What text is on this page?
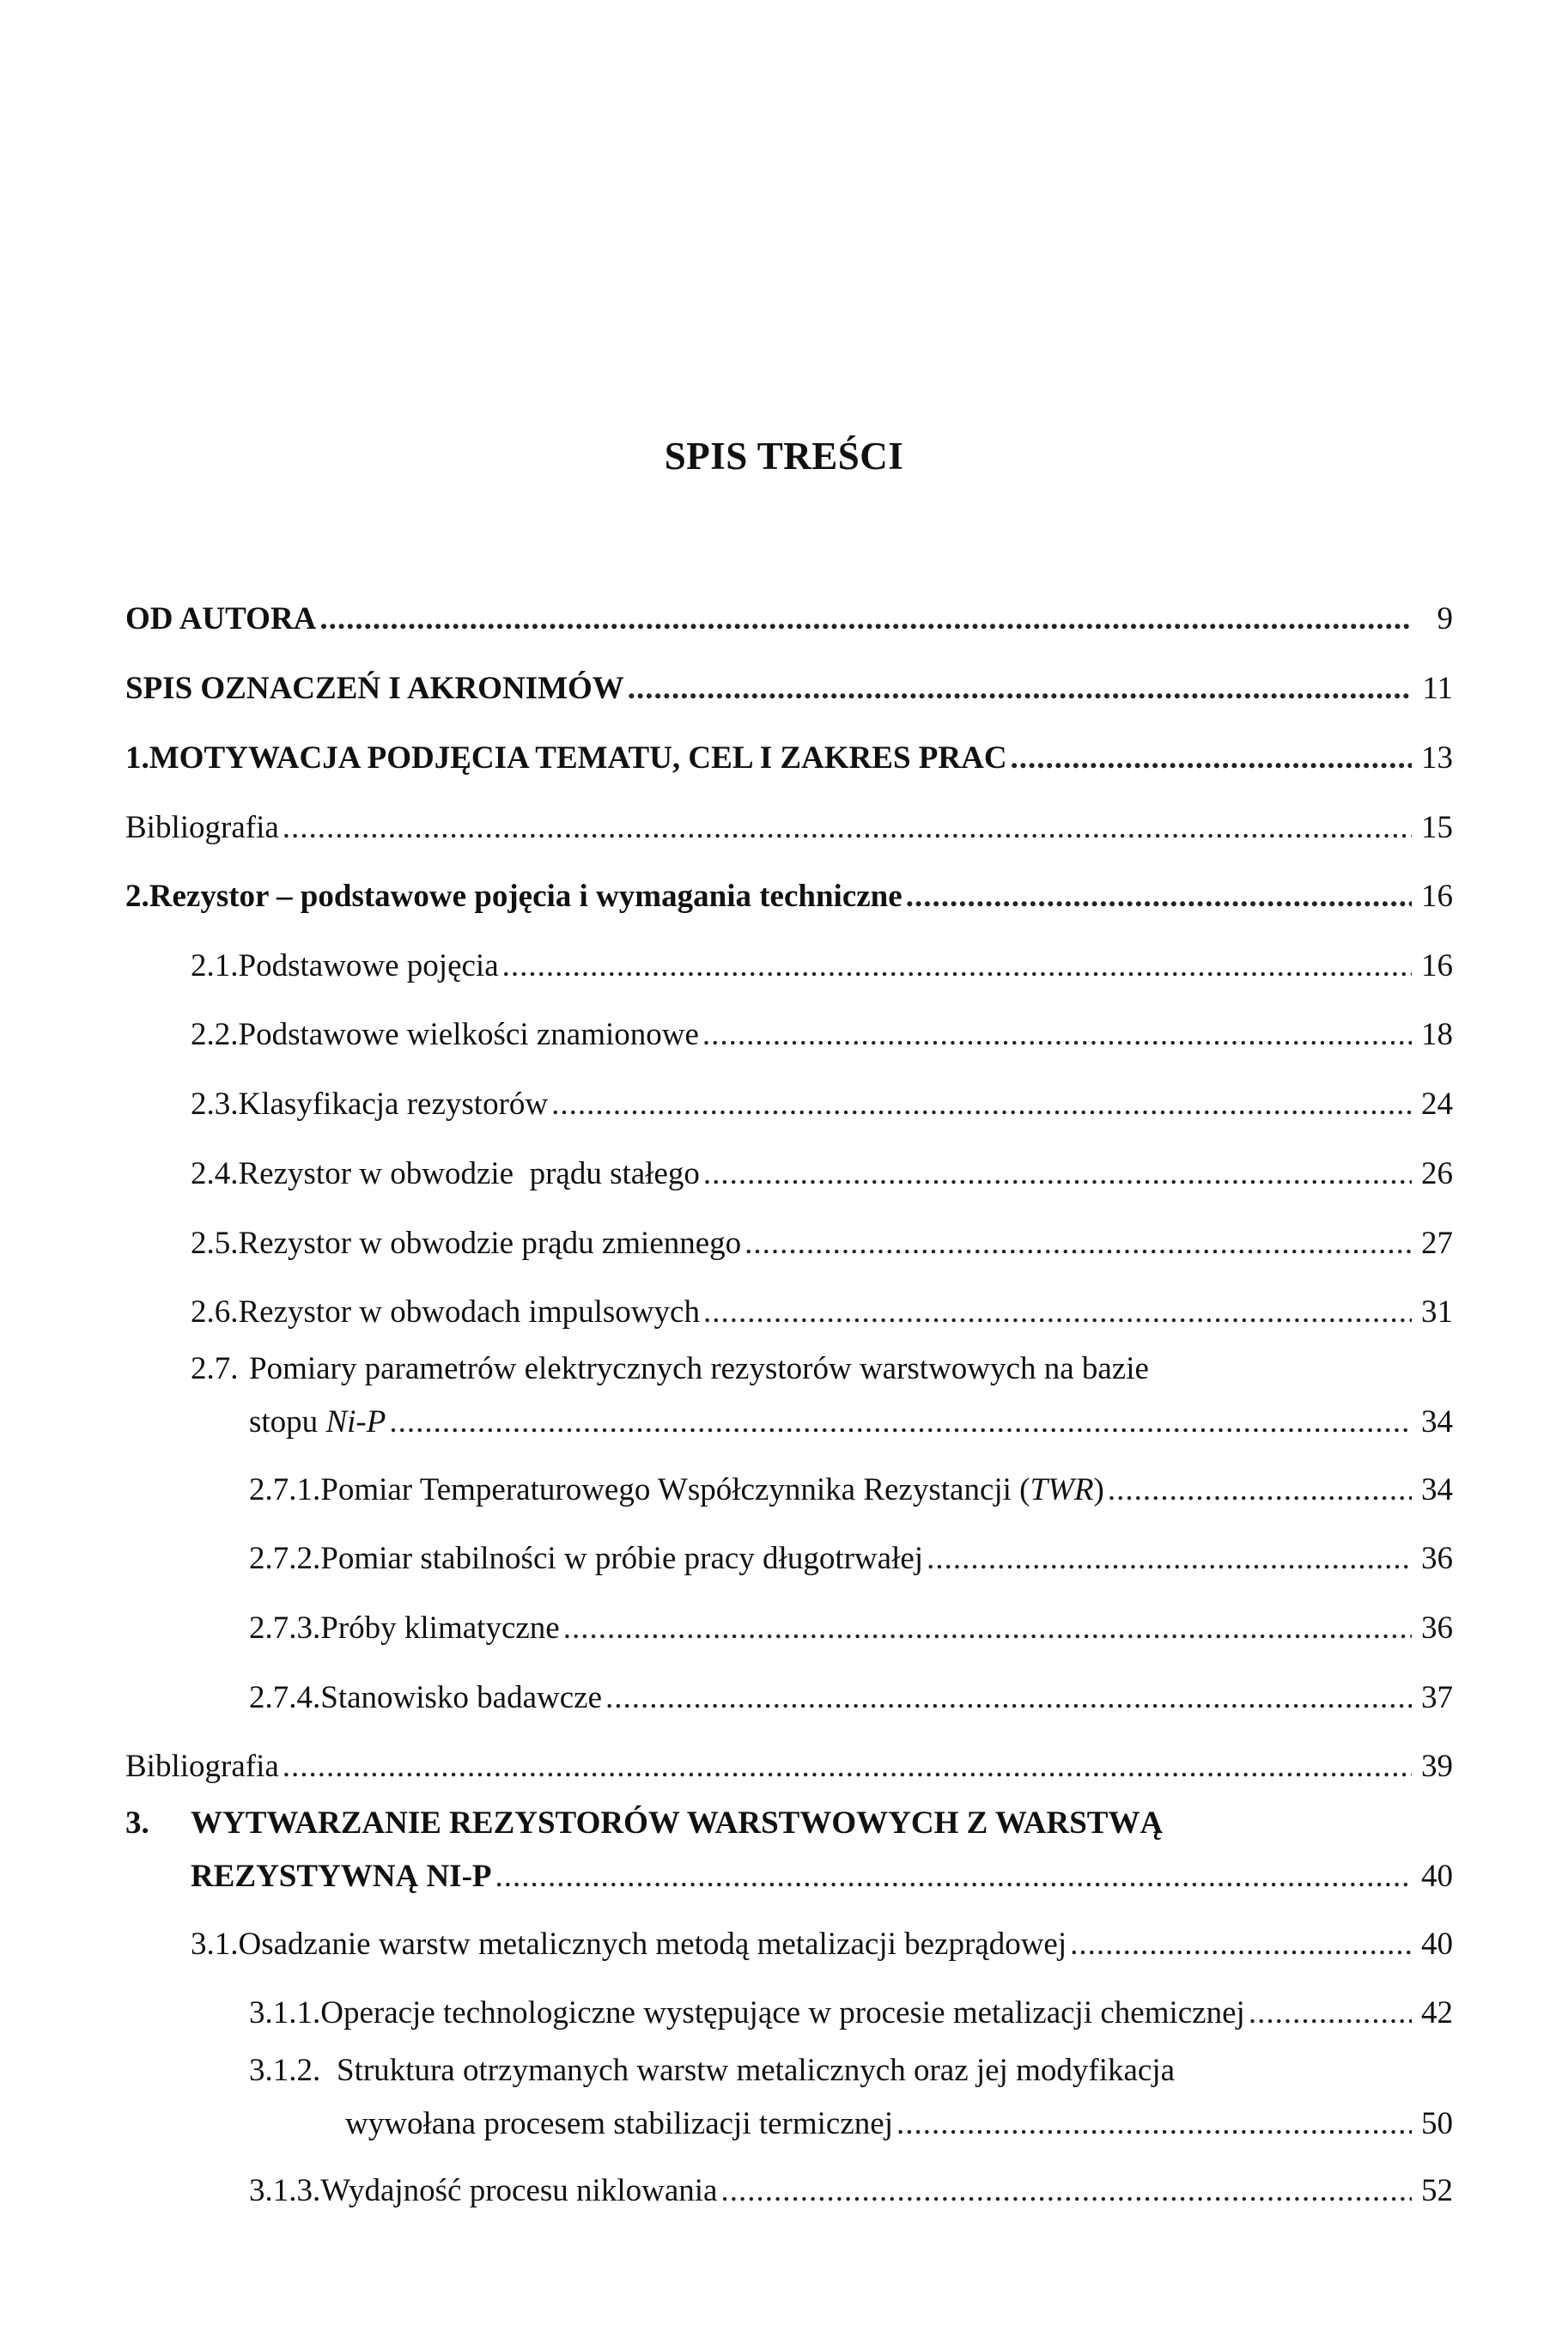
SPIS TREŚCI
OD AUTORA .....	9
SPIS OZNACZEŃ I AKRONIMÓW .....	11
1. MOTYWACJA PODJĘCIA TEMATU, CEL I ZAKRES PRAC .....	13
Bibliografia .....	15
2. Rezystor – podstawowe pojęcia i wymagania techniczne .....	16
2.1. Podstawowe pojęcia .....	16
2.2. Podstawowe wielkości znamionowe .....	18
2.3. Klasyfikacja rezystorów .....	24
2.4. Rezystor w obwodzie  prądu stałego .....	26
2.5. Rezystor w obwodzie prądu zmiennego .....	27
2.6. Rezystor w obwodach impulsowych .....	31
2.7. Pomiary parametrów elektrycznych rezystorów warstwowych na bazie
stopu Ni-P .....	34
2.7.1. Pomiar Temperaturowego Współczynnika Rezystancji (TWR) .....	34
2.7.2. Pomiar stabilności w próbie pracy długotrwałej .....	36
2.7.3. Próby klimatyczne .....	36
2.7.4. Stanowisko badawcze .....	37
Bibliografia .....	39
3.	WYTWARZANIE REZYSTORÓW WARSTWOWYCH Z WARSTWĄ
REZYSTYWNĄ NI-P .....	40
3.1. Osadzanie warstw metalicznych metodą metalizacji bezprądowej .....	40
3.1.1. Operacje technologiczne występujące w procesie metalizacji chemicznej .....	42
3.1.2. Struktura otrzymanych warstw metalicznych oraz jej modyfikacja
wywołana procesem stabilizacji termicznej .....	50
3.1.3. Wydajność procesu niklowania .....	52
